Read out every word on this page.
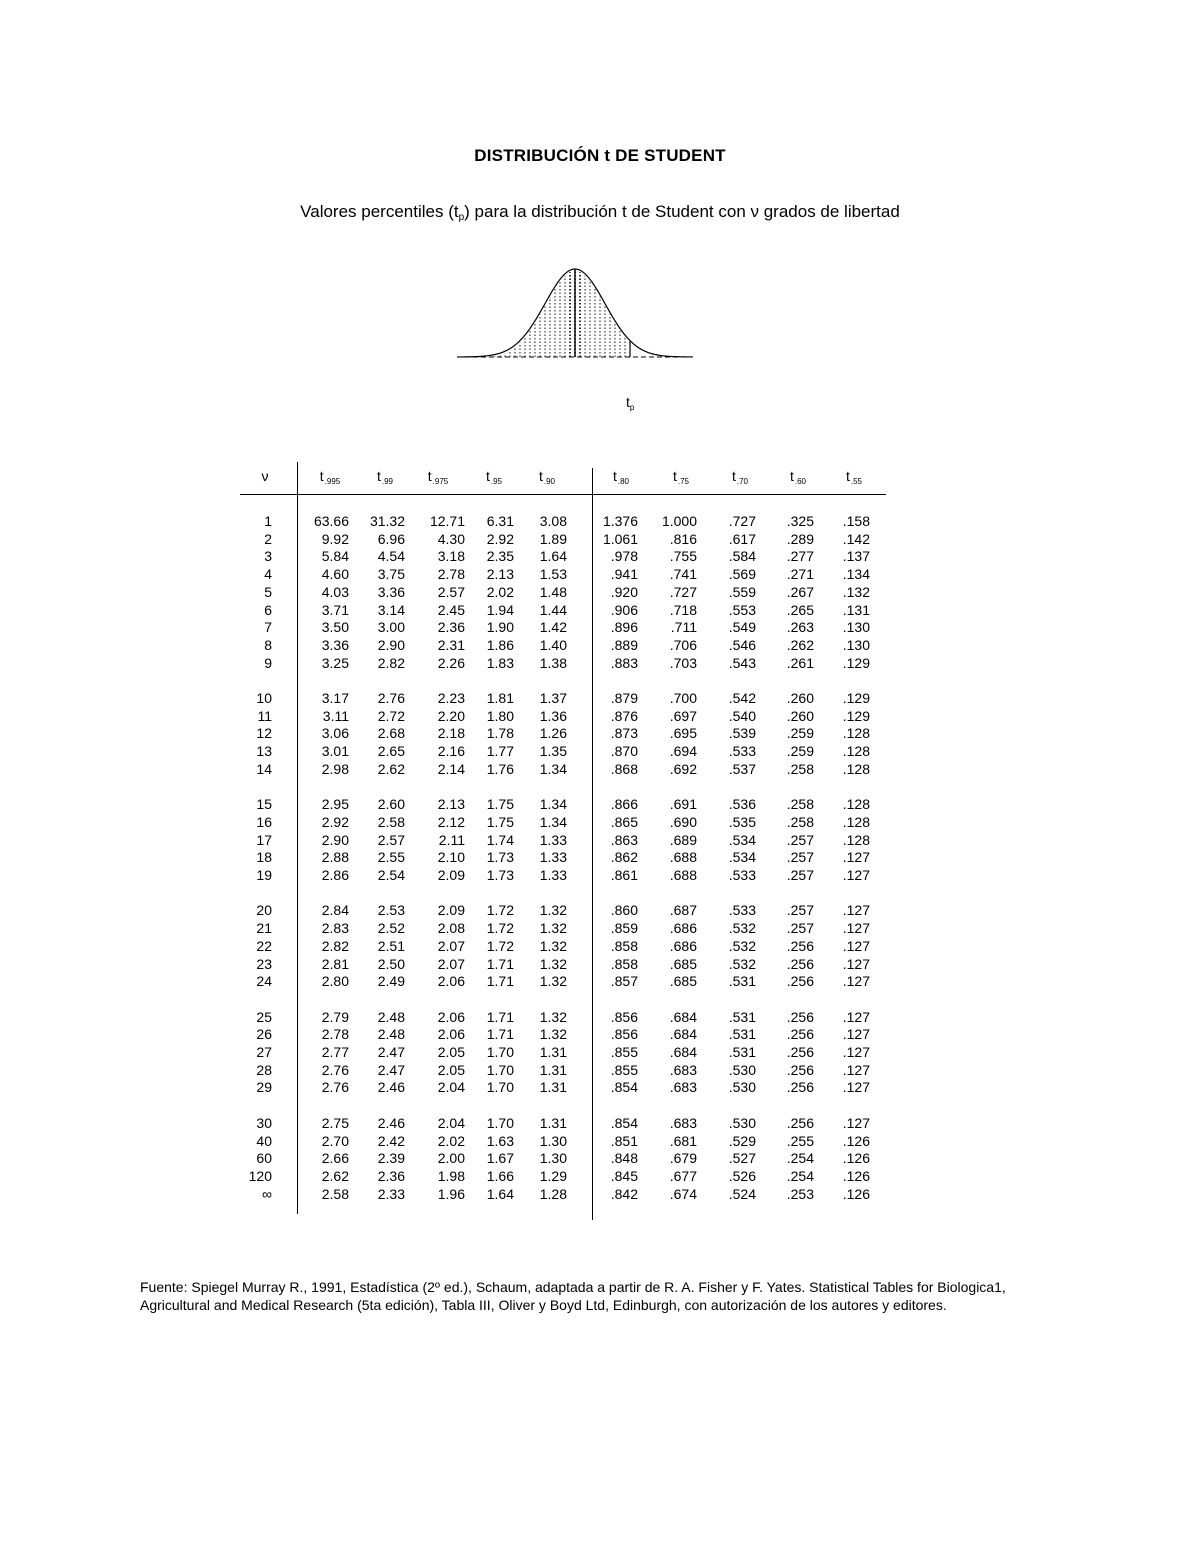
DISTRIBUCIÓN t DE STUDENT
Valores percentiles (tp) para la distribución t de Student con ν grados de libertad
$t_p$
ν	$t_{.995}$	$t_{.99}$	$t_{.975}$	$t_{.95}$	$t_{.90}$	$t_{.80}$	$t_{.75}$	$t_{.70}$	$t_{.60}$	$t_{.55}$
1	63.66	31.32	12.71	6.31	3.08	1.376	1.000	.727	.325	.158
2	9.92	6.96	4.30	2.92	1.89	1.061	.816	.617	.289	.142
3	5.84	4.54	3.18	2.35	1.64	.978	.755	.584	.277	.137
4	4.60	3.75	2.78	2.13	1.53	.941	.741	.569	.271	.134
5	4.03	3.36	2.57	2.02	1.48	.920	.727	.559	.267	.132
6	3.71	3.14	2.45	1.94	1.44	.906	.718	.553	.265	.131
7	3.50	3.00	2.36	1.90	1.42	.896	.711	.549	.263	.130
8	3.36	2.90	2.31	1.86	1.40	.889	.706	.546	.262	.130
9	3.25	2.82	2.26	1.83	1.38	.883	.703	.543	.261	.129
10	3.17	2.76	2.23	1.81	1.37	.879	.700	.542	.260	.129
11	3.11	2.72	2.20	1.80	1.36	.876	.697	.540	.260	.129
12	3.06	2.68	2.18	1.78	1.26	.873	.695	.539	.259	.128
13	3.01	2.65	2.16	1.77	1.35	.870	.694	.533	.259	.128
14	2.98	2.62	2.14	1.76	1.34	.868	.692	.537	.258	.128
15	2.95	2.60	2.13	1.75	1.34	.866	.691	.536	.258	.128
16	2.92	2.58	2.12	1.75	1.34	.865	.690	.535	.258	.128
17	2.90	2.57	2.11	1.74	1.33	.863	.689	.534	.257	.128
18	2.88	2.55	2.10	1.73	1.33	.862	.688	.534	.257	.127
19	2.86	2.54	2.09	1.73	1.33	.861	.688	.533	.257	.127
20	2.84	2.53	2.09	1.72	1.32	.860	.687	.533	.257	.127
21	2.83	2.52	2.08	1.72	1.32	.859	.686	.532	.257	.127
22	2.82	2.51	2.07	1.72	1.32	.858	.686	.532	.256	.127
23	2.81	2.50	2.07	1.71	1.32	.858	.685	.532	.256	.127
24	2.80	2.49	2.06	1.71	1.32	.857	.685	.531	.256	.127
25	2.79	2.48	2.06	1.71	1.32	.856	.684	.531	.256	.127
26	2.78	2.48	2.06	1.71	1.32	.856	.684	.531	.256	.127
27	2.77	2.47	2.05	1.70	1.31	.855	.684	.531	.256	.127
28	2.76	2.47	2.05	1.70	1.31	.855	.683	.530	.256	.127
29	2.76	2.46	2.04	1.70	1.31	.854	.683	.530	.256	.127
30	2.75	2.46	2.04	1.70	1.31	.854	.683	.530	.256	.127
40	2.70	2.42	2.02	1.63	1.30	.851	.681	.529	.255	.126
60	2.66	2.39	2.00	1.67	1.30	.848	.679	.527	.254	.126
120	2.62	2.36	1.98	1.66	1.29	.845	.677	.526	.254	.126
∞	2.58	2.33	1.96	1.64	1.28	.842	.674	.524	.253	.126
Fuente: Spiegel Murray R., 1991, Estadística (2º ed.), Schaum, adaptada a partir de R. A. Fisher y F. Yates. Statistical Tables for Biologica1, Agricultural and Medical Research (5ta edición), Tabla III, Oliver y Boyd Ltd, Edinburgh, con autorización de los autores y editores.
